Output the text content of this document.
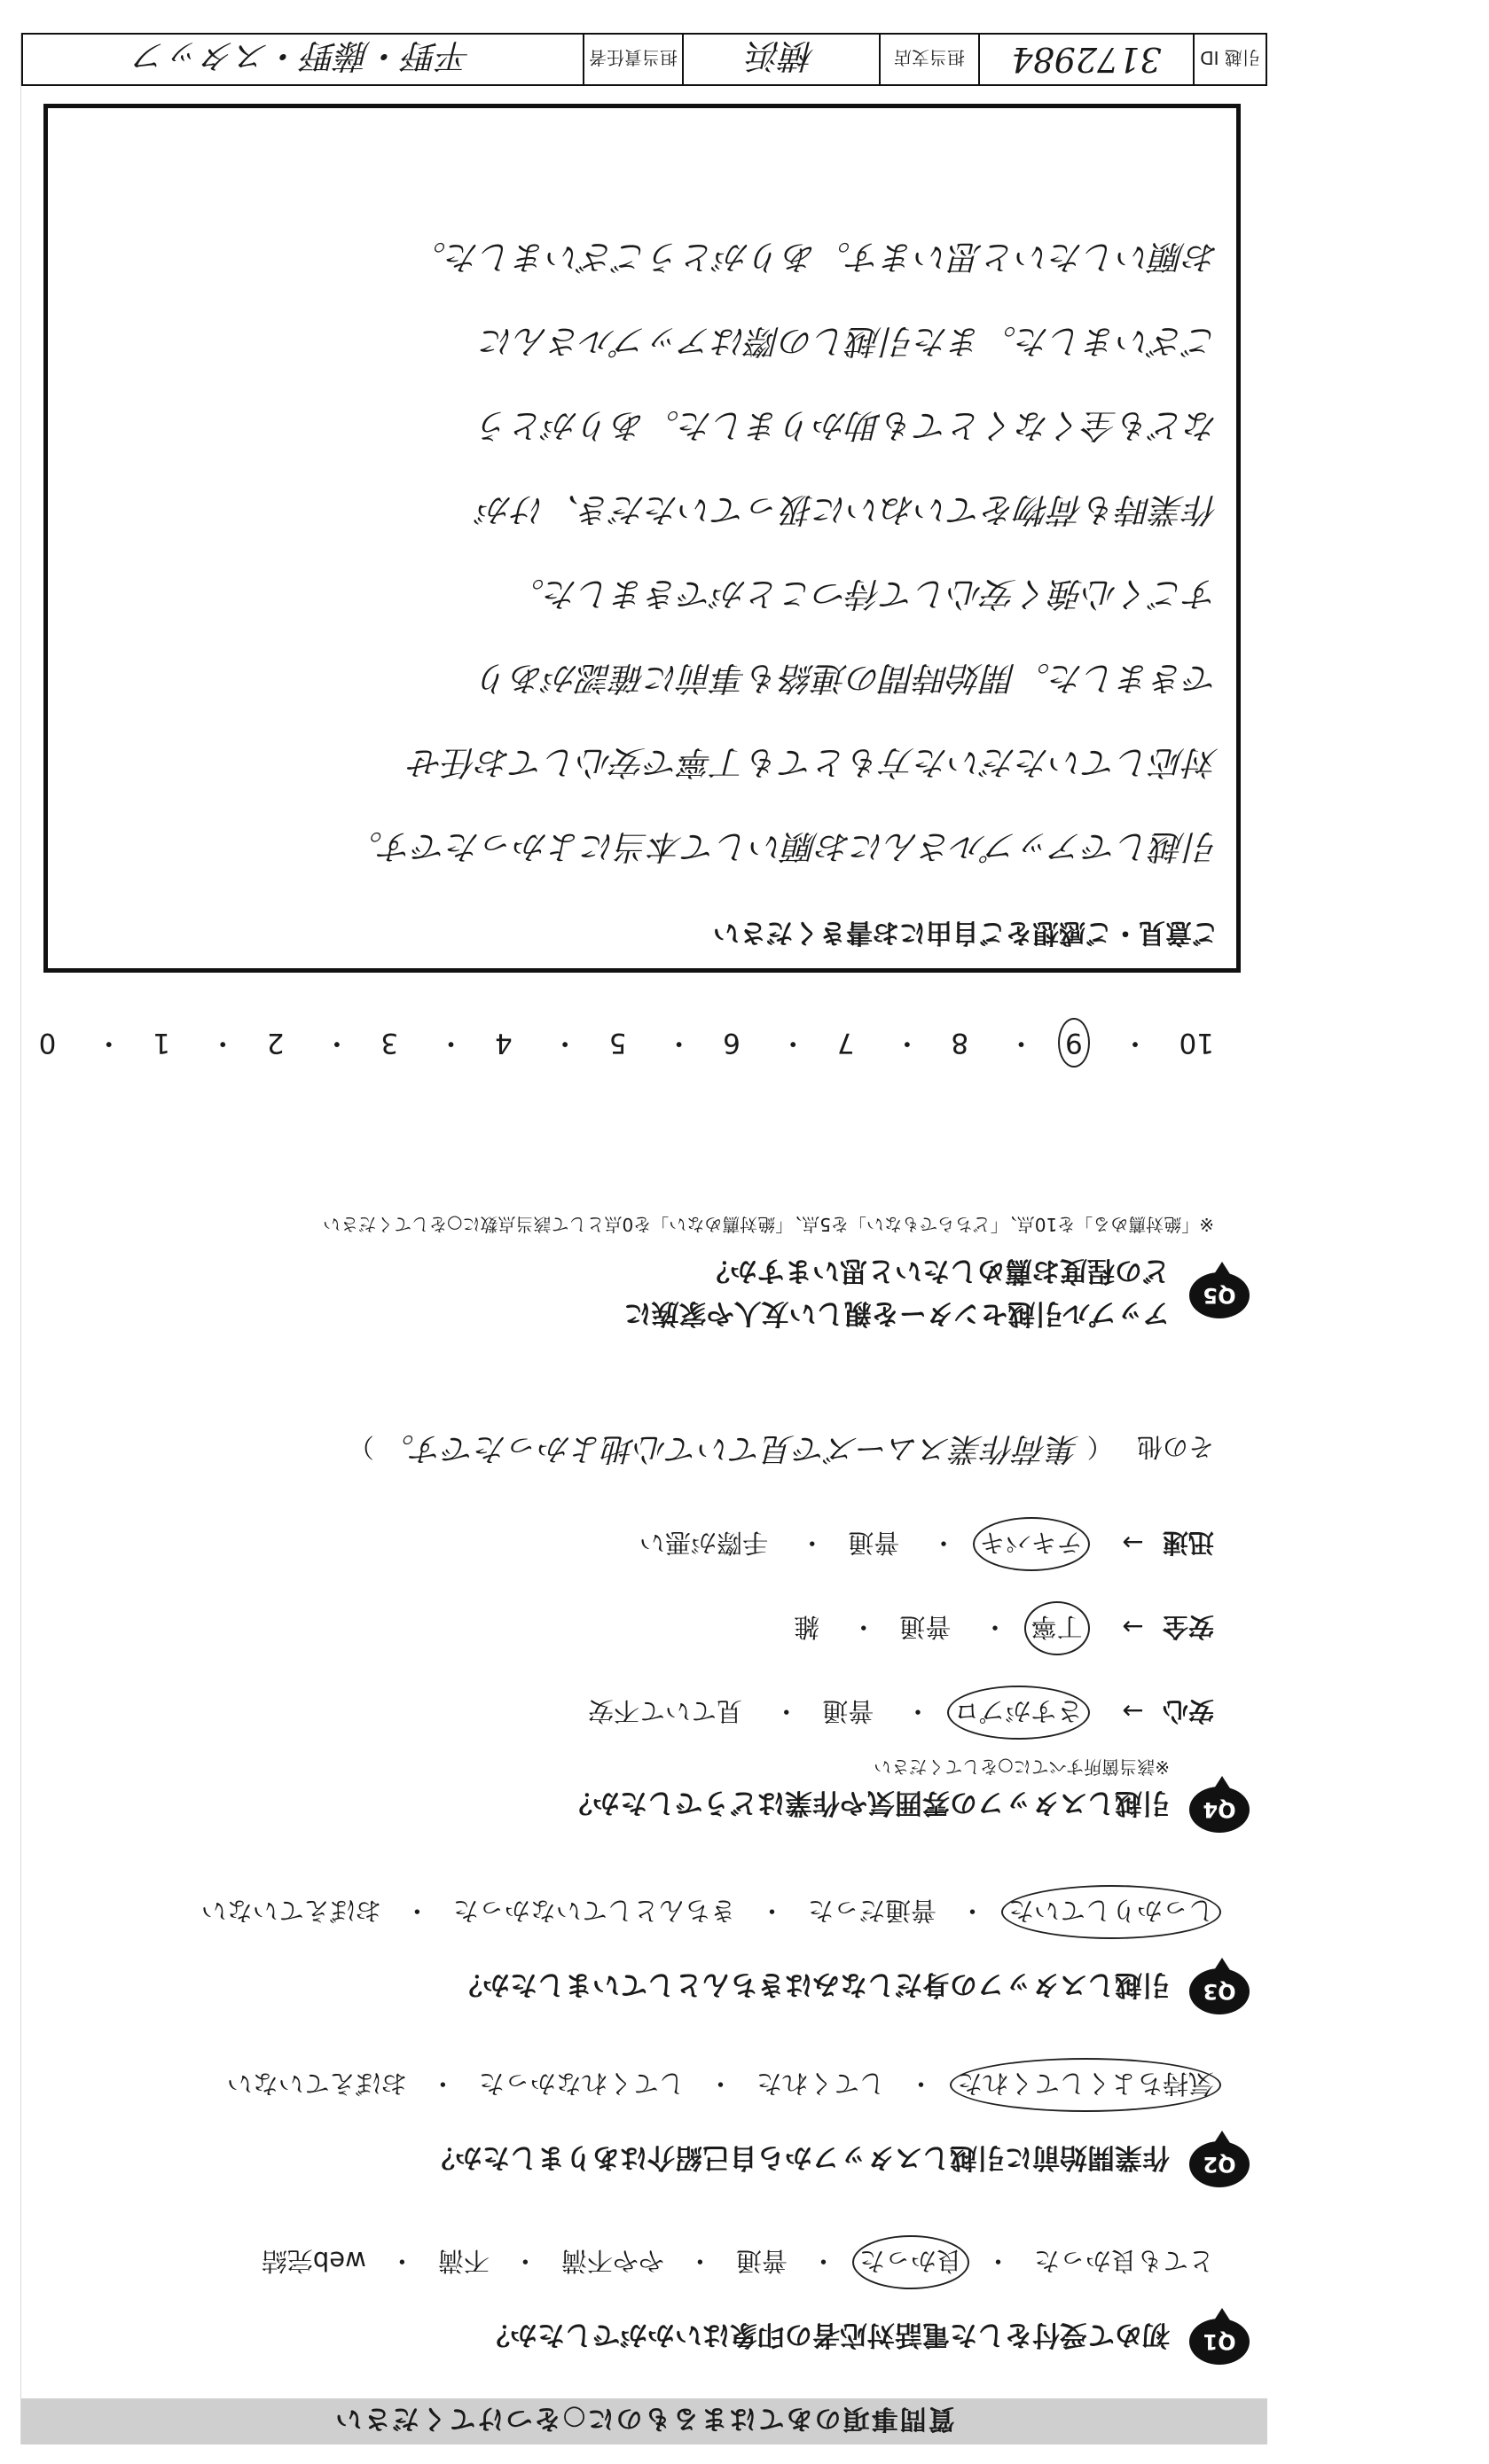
質問事項のあてはまるものに○をつけてください
Q1
初めて受付をした電話対応者の印象はいかがでしたか？
とても良かった
・
良かった
・
普通
・
やや不満
・
不満
・
web完結
Q2
作業開始前に引越しスタッフから自己紹介はありましたか？
気持ちよくしてくれた
・
してくれた
・
してくれなかった
・
おぼえていない
Q3
引越しスタッフの身だしなみはきちんとしていましたか？
しっかりしていた
・
普通だった
・
きちんとしていなかった
・
おぼえていない
Q4
引越しスタッフの雰囲気や作業はどうでしたか？
※該当箇所すべてに○をしてください
安心 → さすがプロ・ 普通・ 見ていて不安
安全 → 丁寧・ 普通・ 雑
迅速 → テキパキ・ 普通・ 手際が悪い
その他 （ 集荷作業スムーズで見ていて心地よかったです。 ）
Q5
アップル引越センターを親しい友人や家族に
どの程度お薦めしたいと思いますか？
※「絶対薦める」を10点、「どちらでもない」を5点、「絶対薦めない」を0点として該当点数に○をしてください
10・ 9・ 8・ 7・ 6・ 5・ 4・ 3・ 2・ 1・ 0
ご意見・ご感想をご自由にお書きください
引越しでアップルさんにお願いして本当によかったです。
対応していただいた方もとても丁寧で安心してお任せ
できました。開始時間の連絡も事前に確認があり
すごく心強く安心して待つことができました。
作業時も荷物をていねいに扱っていただき、けが
なども全くなくとても助かりました。ありがとう
ございました。また引越しの際はアップルさんに
お願いしたいと思います。ありがとうございました。
引越 ID
3172984
担当支店
横浜
担当責任者
平野・藤野・スタッフ
